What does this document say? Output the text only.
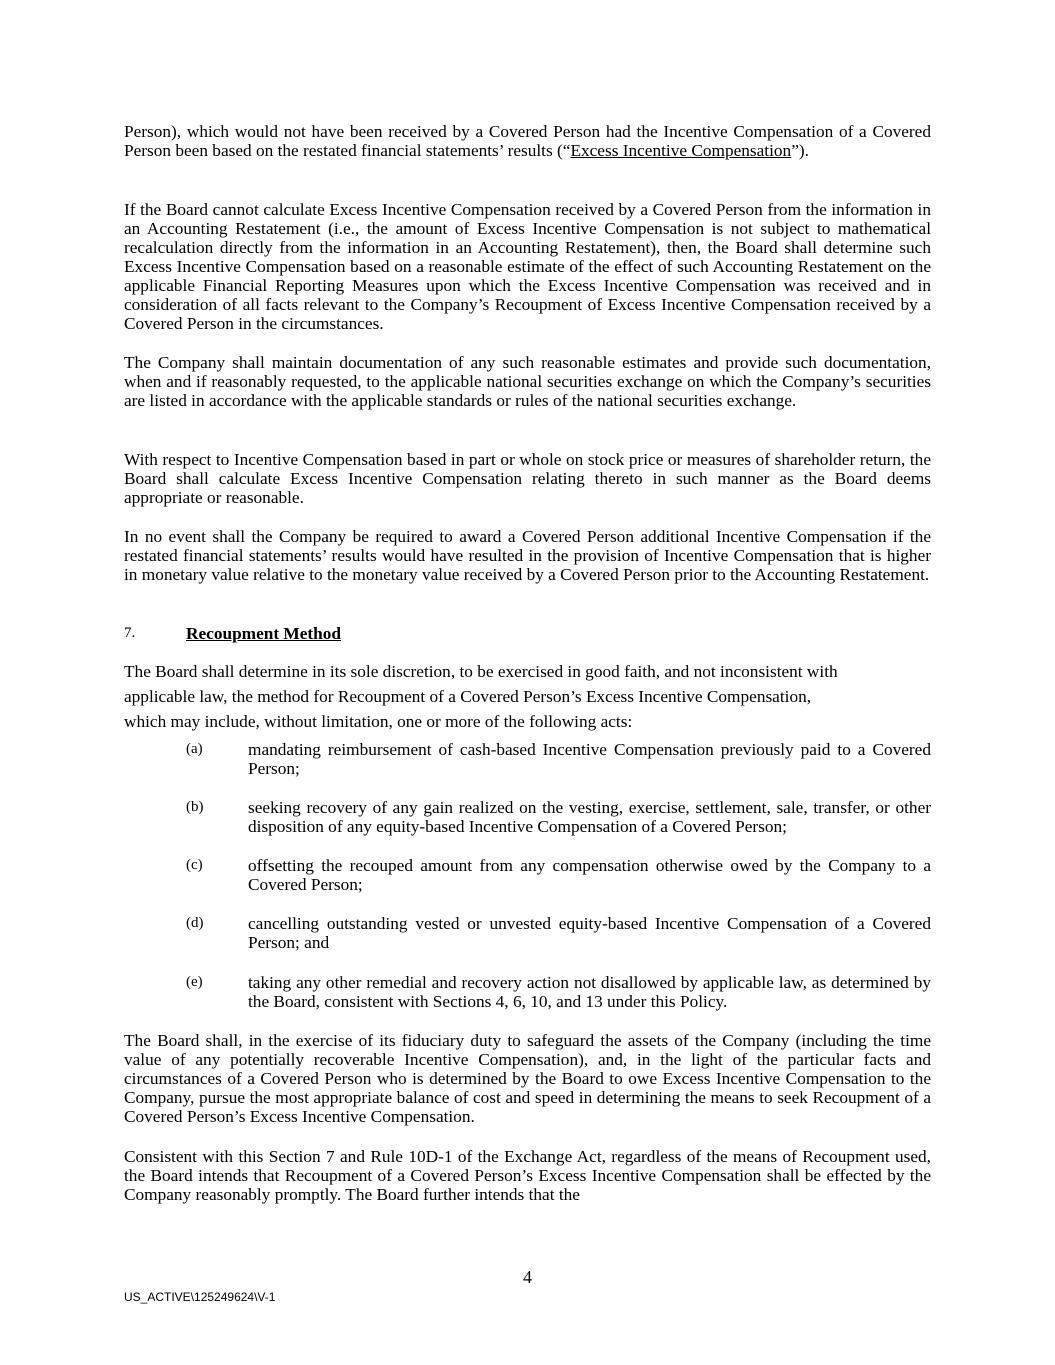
Person), which would not have been received by a Covered Person had the Incentive Compensation of a Covered Person been based on the restated financial statements’ results (“Excess Incentive Compensation”).

If the Board cannot calculate Excess Incentive Compensation received by a Covered Person from the information in an Accounting Restatement (i.e., the amount of Excess Incentive Compensation is not subject to mathematical recalculation directly from the information in an Accounting Restatement), then, the Board shall determine such Excess Incentive Compensation based on a reasonable estimate of the effect of such Accounting Restatement on the applicable Financial Reporting Measures upon which the Excess Incentive Compensation was received and in consideration of all facts relevant to the Company’s Recoupment of Excess Incentive Compensation received by a Covered Person in the circumstances.

The Company shall maintain documentation of any such reasonable estimates and provide such documentation, when and if reasonably requested, to the applicable national securities exchange on which the Company’s securities are listed in accordance with the applicable standards or rules of the national securities exchange.

With respect to Incentive Compensation based in part or whole on stock price or measures of shareholder return, the Board shall calculate Excess Incentive Compensation relating thereto in such manner as the Board deems appropriate or reasonable.

In no event shall the Company be required to award a Covered Person additional Incentive Compensation if the restated financial statements’ results would have resulted in the provision of Incentive Compensation that is higher in monetary value relative to the monetary value received by a Covered Person prior to the Accounting Restatement.

7.	Recoupment Method
The Board shall determine in its sole discretion, to be exercised in good faith, and not inconsistent with
applicable law, the method for Recoupment of a Covered Person’s Excess Incentive Compensation,
which may include, without limitation, one or more of the following acts:
(a)	mandating reimbursement of cash-based Incentive Compensation previously paid to a Covered Person;

(b)	seeking recovery of any gain realized on the vesting, exercise, settlement, sale, transfer, or other disposition of any equity-based Incentive Compensation of a Covered Person;

(c)	offsetting the recouped amount from any compensation otherwise owed by the Company to a Covered Person;

(d)	cancelling outstanding vested or unvested equity-based Incentive Compensation of a Covered Person; and

(e)	taking any other remedial and recovery action not disallowed by applicable law, as determined by the Board, consistent with Sections 4, 6, 10, and 13 under this Policy.

The Board shall, in the exercise of its fiduciary duty to safeguard the assets of the Company (including the time value of any potentially recoverable Incentive Compensation), and, in the light of the particular facts and circumstances of a Covered Person who is determined by the Board to owe Excess Incentive Compensation to the Company, pursue the most appropriate balance of cost and speed in determining the means to seek Recoupment of a Covered Person’s Excess Incentive Compensation.

Consistent with this Section 7 and Rule 10D-1 of the Exchange Act, regardless of the means of Recoupment used, the Board intends that Recoupment of a Covered Person’s Excess Incentive Compensation shall be effected by the Company reasonably promptly. The Board further intends that the

4
US_ACTIVE\125249624\V-1
